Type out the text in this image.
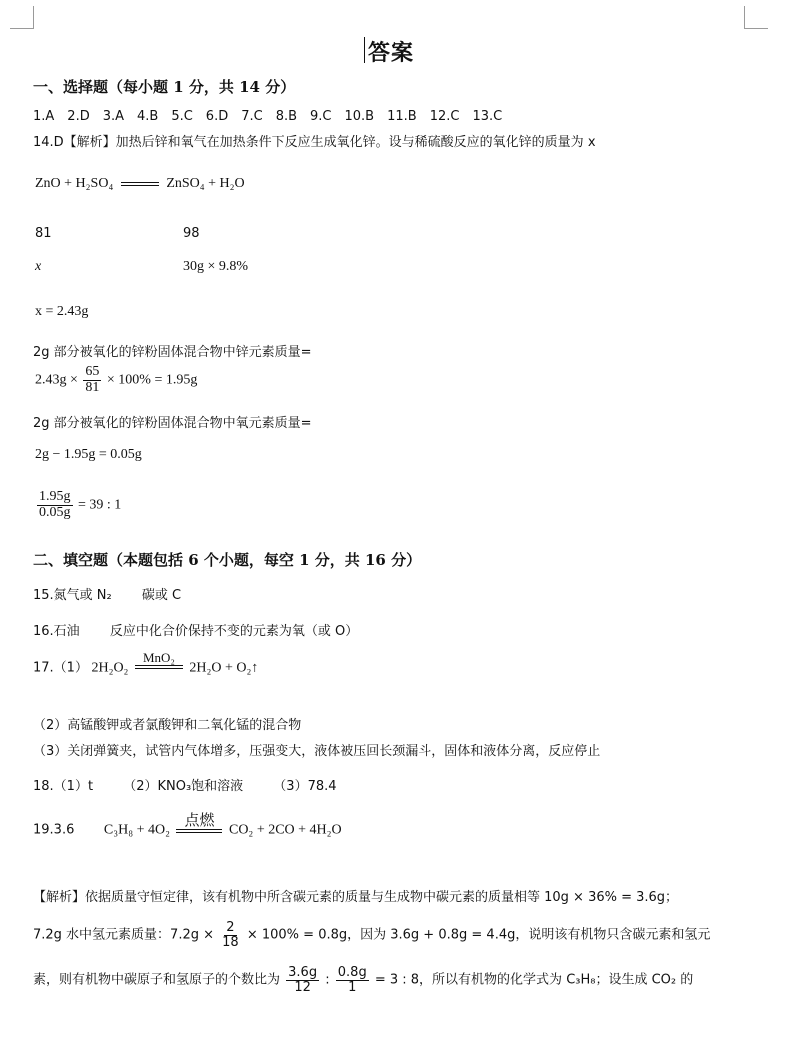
答案
一、选择题（每小题 1 分，共 14 分）
1.A　2.D　3.A　4.B　5.C　6.D　7.C　8.B　9.C　10.B　11.B　12.C　13.C
14.D【解析】加热后锌和氧气在加热条件下反应生成氧化锌。设与稀硫酸反应的氧化锌的质量为 x
ZnO + H₂SO₄	ZnSO₄ + H₂O
81	98
x	30g × 9.8%
x = 2.43g
2g 部分被氧化的锌粉固体混合物中锌元素质量=
$2.43g \times \frac{65}{81} \times 100\% = 1.95g$
2g 部分被氧化的锌粉固体混合物中氧元素质量=
2g − 1.95g = 0.05g
$\frac{1.95g}{0.05g} = 39$ : 1
二、填空题（本题包括 6 个小题，每空 1 分，共 16 分）
15.氮气或 N₂ 碳或 C
16.石油 反应中化合价保持不变的元素为氧（或 O）
17.（1） 2H₂O₂
MnO₂
2H₂O + O₂↑
（2）高锰酸钾或者氯酸钾和二氧化锰的混合物
（3）关闭弹簧夹，试管内气体增多，压强变大，液体被压回长颈漏斗，固体和液体分离，反应停止
18.（1）t （2）KNO₃饱和溶液 （3）78.4
19.3.6 C₃H₈ + 4O₂
点燃
CO₂ + 2CO + 4H₂O
【解析】依据质量守恒定律，该有机物中所含碳元素的质量与生成物中碳元素的质量相等 10g × 36% = 3.6g；
7.2g 水中氢元素质量：$7.2g \times \frac{2}{18} \times 100\% = 0.8g$，因为 3.6g + 0.8g = 4.4g，说明该有机物只含碳元素和氢元
素，则有机物中碳原子和氢原子的个数比为 $\frac{3.6g}{12}$ : $\frac{0.8g}{1} = 3$ : 8，所以有机物的化学式为 C₃H₈；设生成 CO₂ 的
